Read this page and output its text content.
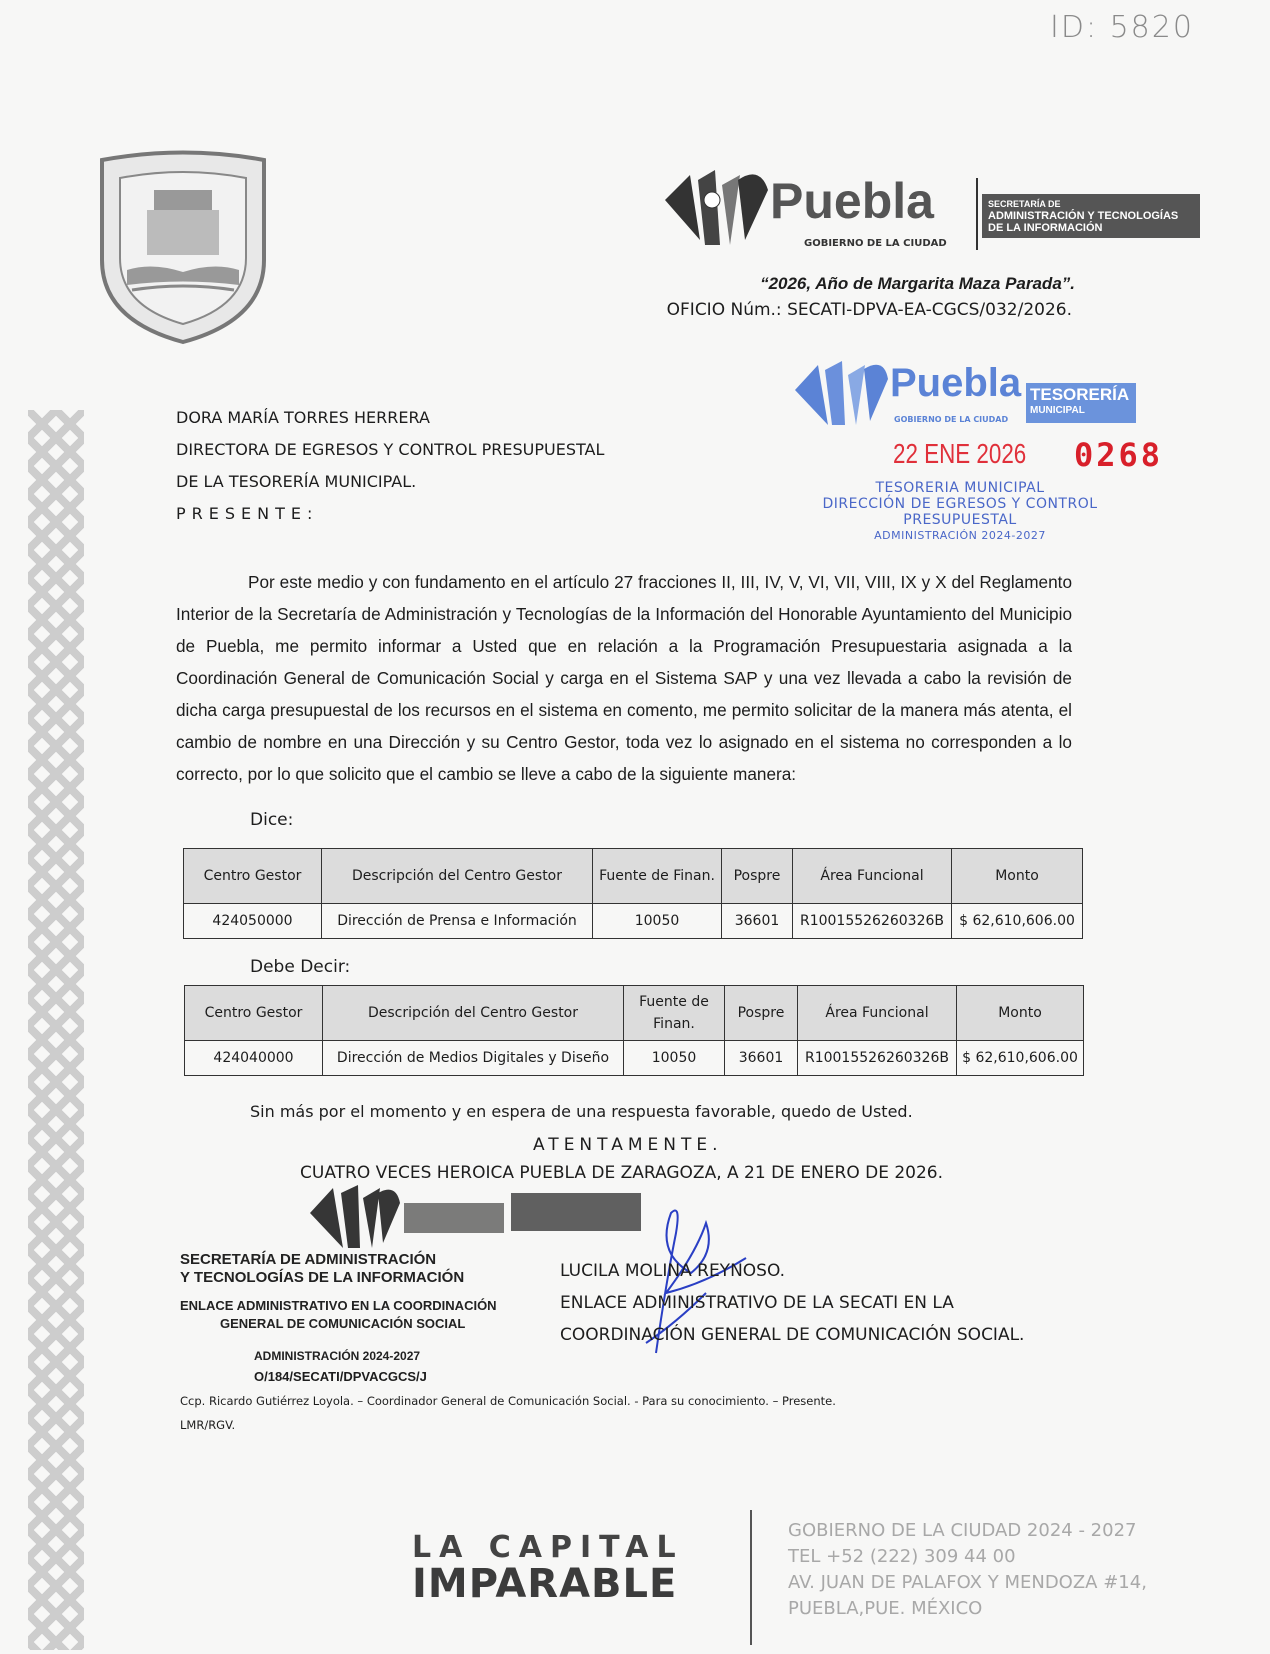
ID: 5820
Puebla
GOBIERNO DE LA CIUDAD
SECRETARÍA DE
ADMINISTRACIÓN Y TECNOLOGÍAS
DE LA INFORMACIÓN
“2026, Año de Margarita Maza Parada”.
OFICIO Núm.: SECATI-DPVA-EA-CGCS/032/2026.
DORA MARÍA TORRES HERRERA
DIRECTORA DE EGRESOS Y CONTROL PRESUPUESTAL
DE LA TESORERÍA MUNICIPAL.
PRESENTE:
Puebla
GOBIERNO DE LA CIUDAD
TESORERÍA
MUNICIPAL
22 ENE 2026 0268
TESORERIA MUNICIPAL
DIRECCIÓN DE EGRESOS Y CONTROL
PRESUPUESTAL
ADMINISTRACIÓN 2024-2027
Por este medio y con fundamento en el artículo 27 fracciones II, III, IV, V, VI, VII, VIII, IX y X del Reglamento Interior de la Secretaría de Administración y Tecnologías de la Información del Honorable Ayuntamiento del Municipio de Puebla, me permito informar a Usted que en relación a la Programación Presupuestaria asignada a la Coordinación General de Comunicación Social y carga en el Sistema SAP y una vez llevada a cabo la revisión de dicha carga presupuestal de los recursos en el sistema en comento, me permito solicitar de la manera más atenta, el cambio de nombre en una Dirección y su Centro Gestor, toda vez lo asignado en el sistema no corresponden a lo correcto, por lo que solicito que el cambio se lleve a cabo de la siguiente manera:
Dice:
Centro Gestor	Descripción del Centro Gestor	Fuente de Finan.	Pospre	Área Funcional	Monto
424050000	Dirección de Prensa e Información	10050	36601	R10015526260326B	$ 62,610,606.00
Debe Decir:
Centro Gestor	Descripción del Centro Gestor	Fuente de Finan.	Pospre	Área Funcional	Monto
424040000	Dirección de Medios Digitales y Diseño	10050	36601	R10015526260326B	$ 62,610,606.00
Sin más por el momento y en espera de una respuesta favorable, quedo de Usted.
ATENTAMENTE.
CUATRO VECES HEROICA PUEBLA DE ZARAGOZA, A 21 DE ENERO DE 2026.
SECRETARÍA DE ADMINISTRACIÓN
Y TECNOLOGÍAS DE LA INFORMACIÓN
ENLACE ADMINISTRATIVO EN LA COORDINACIÓN
GENERAL DE COMUNICACIÓN SOCIAL
ADMINISTRACIÓN 2024-2027
LUCILA MOLINA REYNOSO.
ENLACE ADMINISTRATIVO DE LA SECATI EN LA
COORDINACIÓN GENERAL DE COMUNICACIÓN SOCIAL.
O/184/SECATI/DPVACGCS/J
Ccp. Ricardo Gutiérrez Loyola. – Coordinador General de Comunicación Social. - Para su conocimiento. – Presente.
LMR/RGV.
LA CAPITAL
IMPARABLE
GOBIERNO DE LA CIUDAD 2024 - 2027
TEL +52 (222) 309 44 00
AV. JUAN DE PALAFOX Y MENDOZA #14,
PUEBLA,PUE. MÉXICO
